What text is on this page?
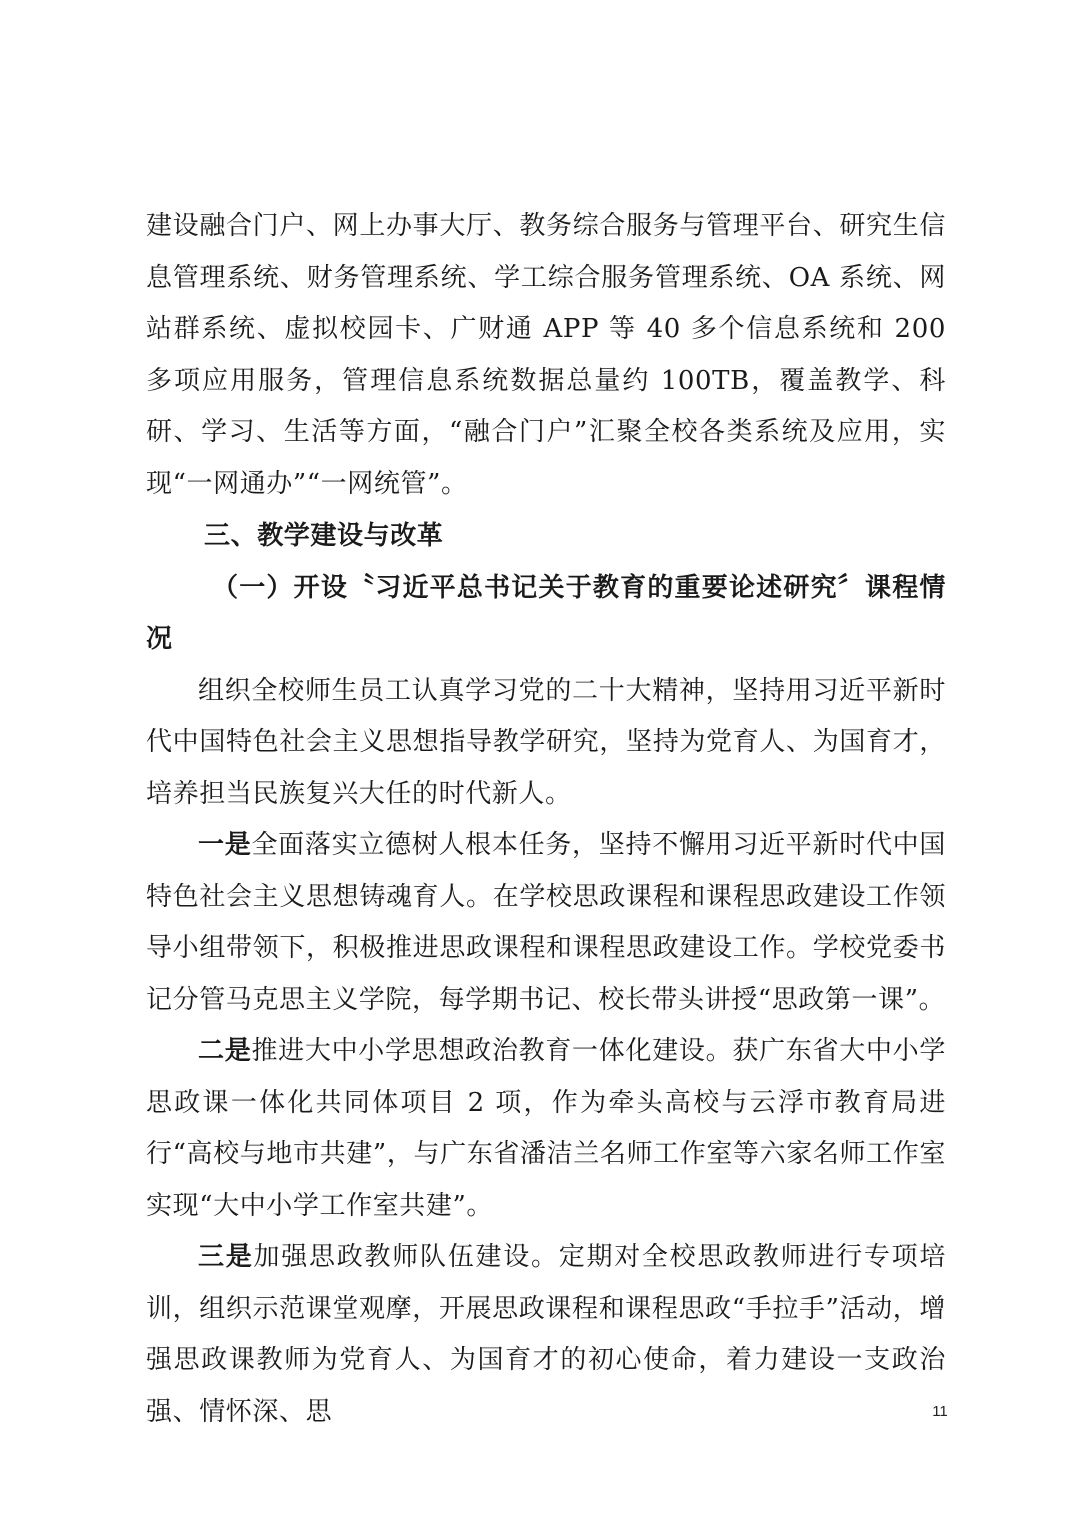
建设融合门户、网上办事大厅、教务综合服务与管理平台、研究生信息管理系统、财务管理系统、学工综合服务管理系统、OA 系统、网站群系统、虚拟校园卡、广财通 APP 等 40 多个信息系统和 200 多项应用服务，管理信息系统数据总量约 100TB，覆盖教学、科研、学习、生活等方面，“融合门户”汇聚全校各类系统及应用，实现“一网通办”“一网统管”。

三、教学建设与改革

（一）开设〝习近平总书记关于教育的重要论述研究〞课程情况

组织全校师生员工认真学习党的二十大精神，坚持用习近平新时代中国特色社会主义思想指导教学研究，坚持为党育人、为国育才，培养担当民族复兴大任的时代新人。

一是全面落实立德树人根本任务，坚持不懈用习近平新时代中国特色社会主义思想铸魂育人。在学校思政课程和课程思政建设工作领导小组带领下，积极推进思政课程和课程思政建设工作。学校党委书记分管马克思主义学院，每学期书记、校长带头讲授“思政第一课”。

二是推进大中小学思想政治教育一体化建设。获广东省大中小学思政课一体化共同体项目 2 项，作为牵头高校与云浮市教育局进行“高校与地市共建”，与广东省潘洁兰名师工作室等六家名师工作室实现“大中小学工作室共建”。

三是加强思政教师队伍建设。定期对全校思政教师进行专项培训，组织示范课堂观摩，开展思政课程和课程思政“手拉手”活动，增强思政课教师为党育人、为国育才的初心使命，着力建设一支政治强、情怀深、思	11
